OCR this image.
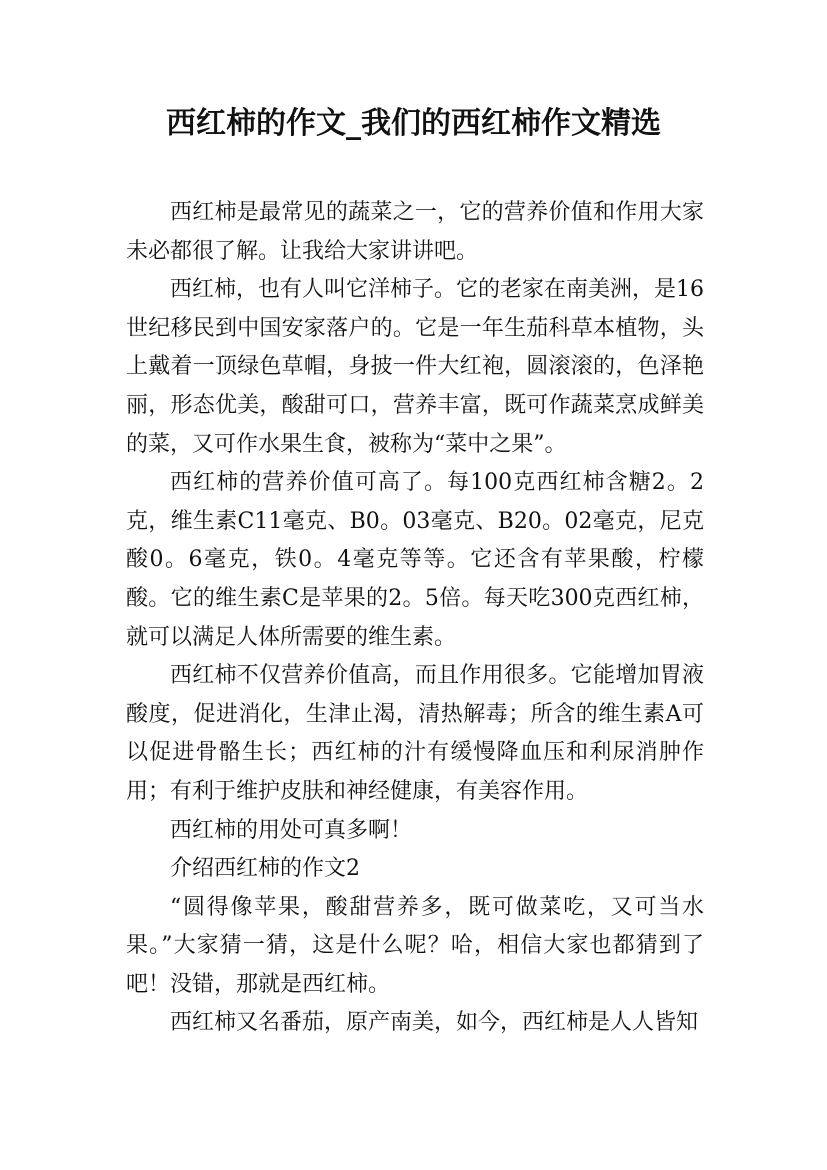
西红柿的作文_我们的西红柿作文精选

西红柿是最常见的蔬菜之一，它的营养价值和作用大家未必都很了解。让我给大家讲讲吧。

西红柿，也有人叫它洋柿子。它的老家在南美洲，是16世纪移民到中国安家落户的。它是一年生茄科草本植物，头上戴着一顶绿色草帽，身披一件大红袍，圆滚滚的，色泽艳丽，形态优美，酸甜可口，营养丰富，既可作蔬菜烹成鲜美的菜，又可作水果生食，被称为“菜中之果”。

西红柿的营养价值可高了。每100克西红柿含糖2。2克，维生素C11毫克、B0。03毫克、B20。02毫克，尼克酸0。6毫克，铁0。4毫克等等。它还含有苹果酸，柠檬酸。它的维生素C是苹果的2。5倍。每天吃300克西红柿，就可以满足人体所需要的维生素。

西红柿不仅营养价值高，而且作用很多。它能增加胃液酸度，促进消化，生津止渴，清热解毒；所含的维生素A可以促进骨骼生长；西红柿的汁有缓慢降血压和利尿消肿作用；有利于维护皮肤和神经健康，有美容作用。

西红柿的用处可真多啊！

介绍西红柿的作文2

“圆得像苹果，酸甜营养多，既可做菜吃，又可当水果。”大家猜一猜，这是什么呢？哈，相信大家也都猜到了吧！没错，那就是西红柿。

西红柿又名番茄，原产南美，如今，西红柿是人人皆知
